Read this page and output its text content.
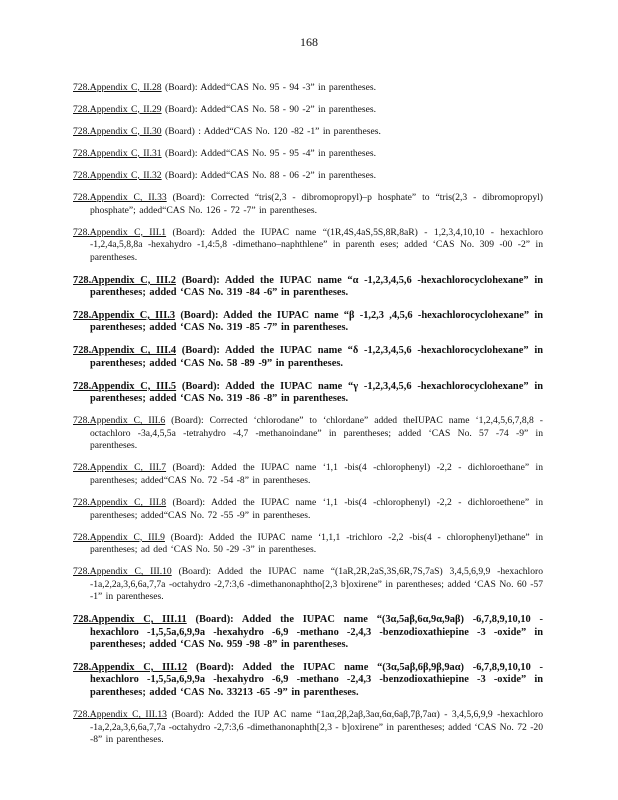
168

728.Appendix C, II.28 (Board): Added“CAS No. 95 - 94 -3” in parentheses.

728.Appendix C, II.29 (Board): Added“CAS No. 58 - 90 -2” in parentheses.

728.Appendix C, II.30 (Board) : Added“CAS No. 120 -82 -1” in parentheses.

728.Appendix C, II.31 (Board): Added“CAS No. 95 - 95 -4” in parentheses.

728.Appendix C, II.32 (Board): Added“CAS No. 88 - 06 -2” in parentheses.

728.Appendix C, II.33 (Board): Corrected “tris(2,3 - dibromopropyl)–p hosphate” to “tris(2,3 - dibromopropyl) phosphate”; added“CAS No. 126 - 72 -7” in parentheses.

728.Appendix C, III.1 (Board): Added the IUPAC name “(1R,4S,4aS,5S,8R,8aR) - 1,2,3,4,10,10 - hexachloro -1,2,4a,5,8,8a -hexahydro -1,4:5,8 -dimethano–naphthlene” in parenth eses; added ‘CAS No. 309 -00 -2” in parentheses.

728.Appendix C, III.2 (Board): Added the IUPAC name “α -1,2,3,4,5,6 -hexachlorocyclohexane” in parentheses; added ‘CAS No. 319 -84 -6” in parentheses.

728.Appendix C, III.3 (Board): Added the IUPAC name “β -1,2,3 ,4,5,6 -hexachlorocyclohexane” in parentheses; added ‘CAS No. 319 -85 -7” in parentheses.

728.Appendix C, III.4 (Board): Added the IUPAC name “δ -1,2,3,4,5,6 -hexachlorocyclohexane” in parentheses; added ‘CAS No. 58 -89 -9” in parentheses.

728.Appendix C, III.5 (Board): Added the IUPAC name “γ -1,2,3,4,5,6 -hexachlorocyclohexane” in parentheses; added ‘CAS No. 319 -86 -8” in parentheses.

728.Appendix C, III.6 (Board): Corrected ‘chlorodane” to ‘chlordane” added theIUPAC name ‘1,2,4,5,6,7,8,8 -octachloro -3a,4,5,5a -tetrahydro -4,7 -methanoindane” in parentheses; added ‘CAS No. 57 -74 -9” in parentheses.

728.Appendix C, III.7 (Board): Added the IUPAC name ‘1,1 -bis(4 -chlorophenyl) -2,2 - dichloroethane” in parentheses; added“CAS No. 72 -54 -8” in parentheses.

728.Appendix C, III.8 (Board): Added the IUPAC name ‘1,1 -bis(4 -chlorophenyl) -2,2 - dichloroethene” in parentheses; added“CAS No. 72 -55 -9” in parentheses.

728.Appendix C, III.9 (Board): Added the IUPAC name ‘1,1,1 -trichloro -2,2 -bis(4 - chlorophenyl)ethane” in parentheses; ad ded ‘CAS No. 50 -29 -3” in parentheses.

728.Appendix C, III.10 (Board): Added the IUPAC name “(1aR,2R,2aS,3S,6R,7S,7aS) 3,4,5,6,9,9 -hexachloro -1a,2,2a,3,6,6a,7,7a -octahydro -2,7:3,6 -dimethanonaphtho[2,3 b]oxirene” in parentheses; added ‘CAS No. 60 -57 -1” in parentheses.

728.Appendix C, III.11 (Board): Added the IUPAC name “(3α,5aβ,6α,9α,9aβ) -6,7,8,9,10,10 - hexachloro -1,5,5a,6,9,9a -hexahydro -6,9 -methano -2,4,3 -benzodioxathiepine -3 -oxide” in parentheses; added ‘CAS No. 959 -98 -8” in parentheses.

728.Appendix C, III.12 (Board): Added the IUPAC name “(3α,5aβ,6β,9β,9aα) -6,7,8,9,10,10 - hexachloro -1,5,5a,6,9,9a -hexahydro -6,9 -methano -2,4,3 -benzodioxathiepine -3 -oxide” in parentheses; added ‘CAS No. 33213 -65 -9” in parentheses.

728.Appendix C, III.13 (Board): Added the IUP AC name “1aα,2β,2aβ,3aα,6α,6aβ,7β,7aα) - 3,4,5,6,9,9 -hexachloro -1a,2,2a,3,6,6a,7,7a -octahydro -2,7:3,6 -dimethanonaphth[2,3 - b]oxirene” in parentheses; added ‘CAS No. 72 -20 -8” in parentheses.
